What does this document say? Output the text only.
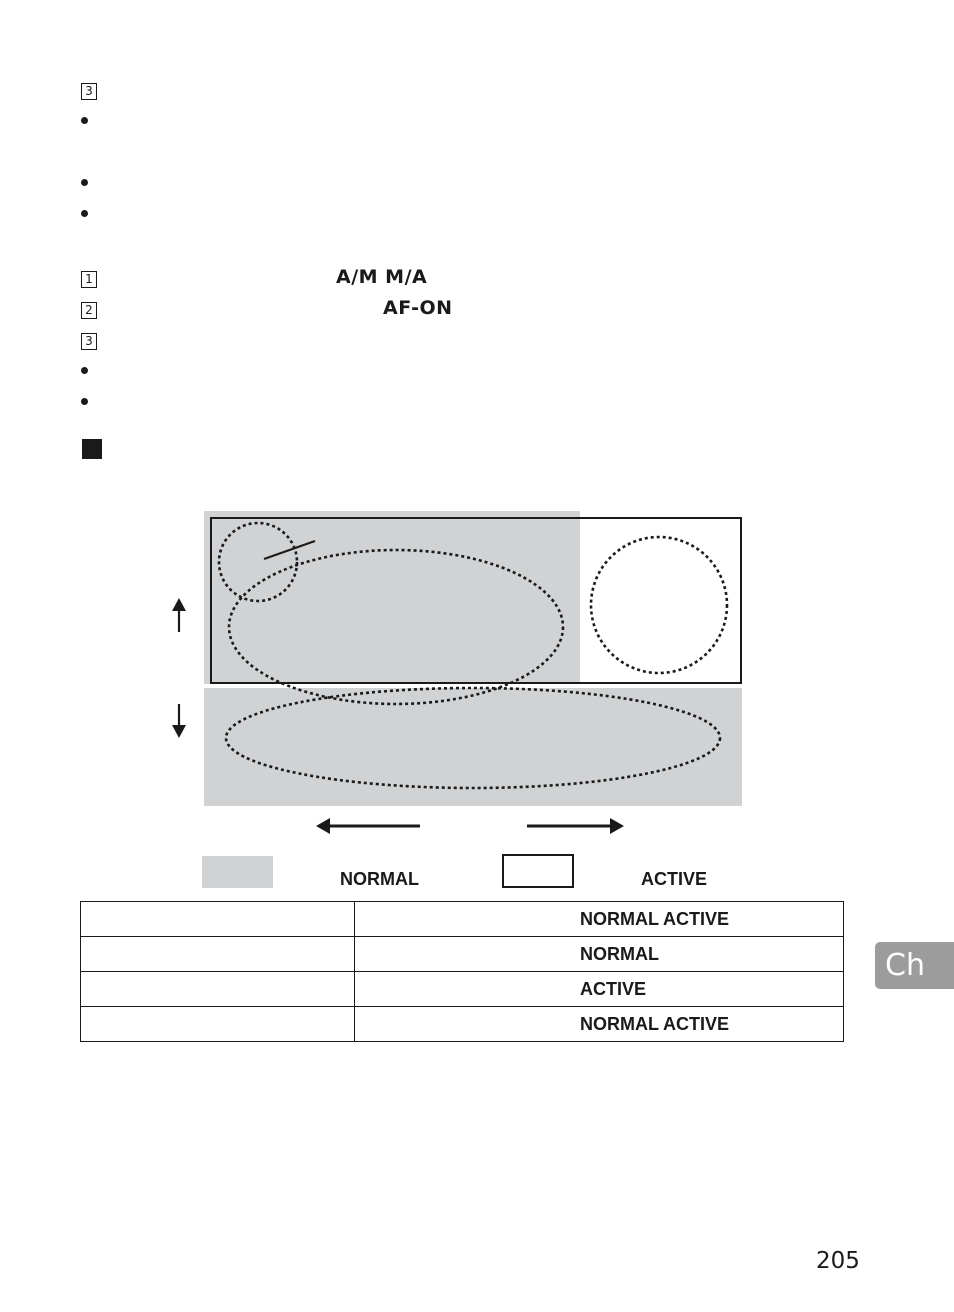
3
1	A/M M/A
2	AF-ON
3
NORMAL	ACTIVE
	NORMAL ACTIVE
	NORMAL
	ACTIVE
	NORMAL ACTIVE
Ch
205
